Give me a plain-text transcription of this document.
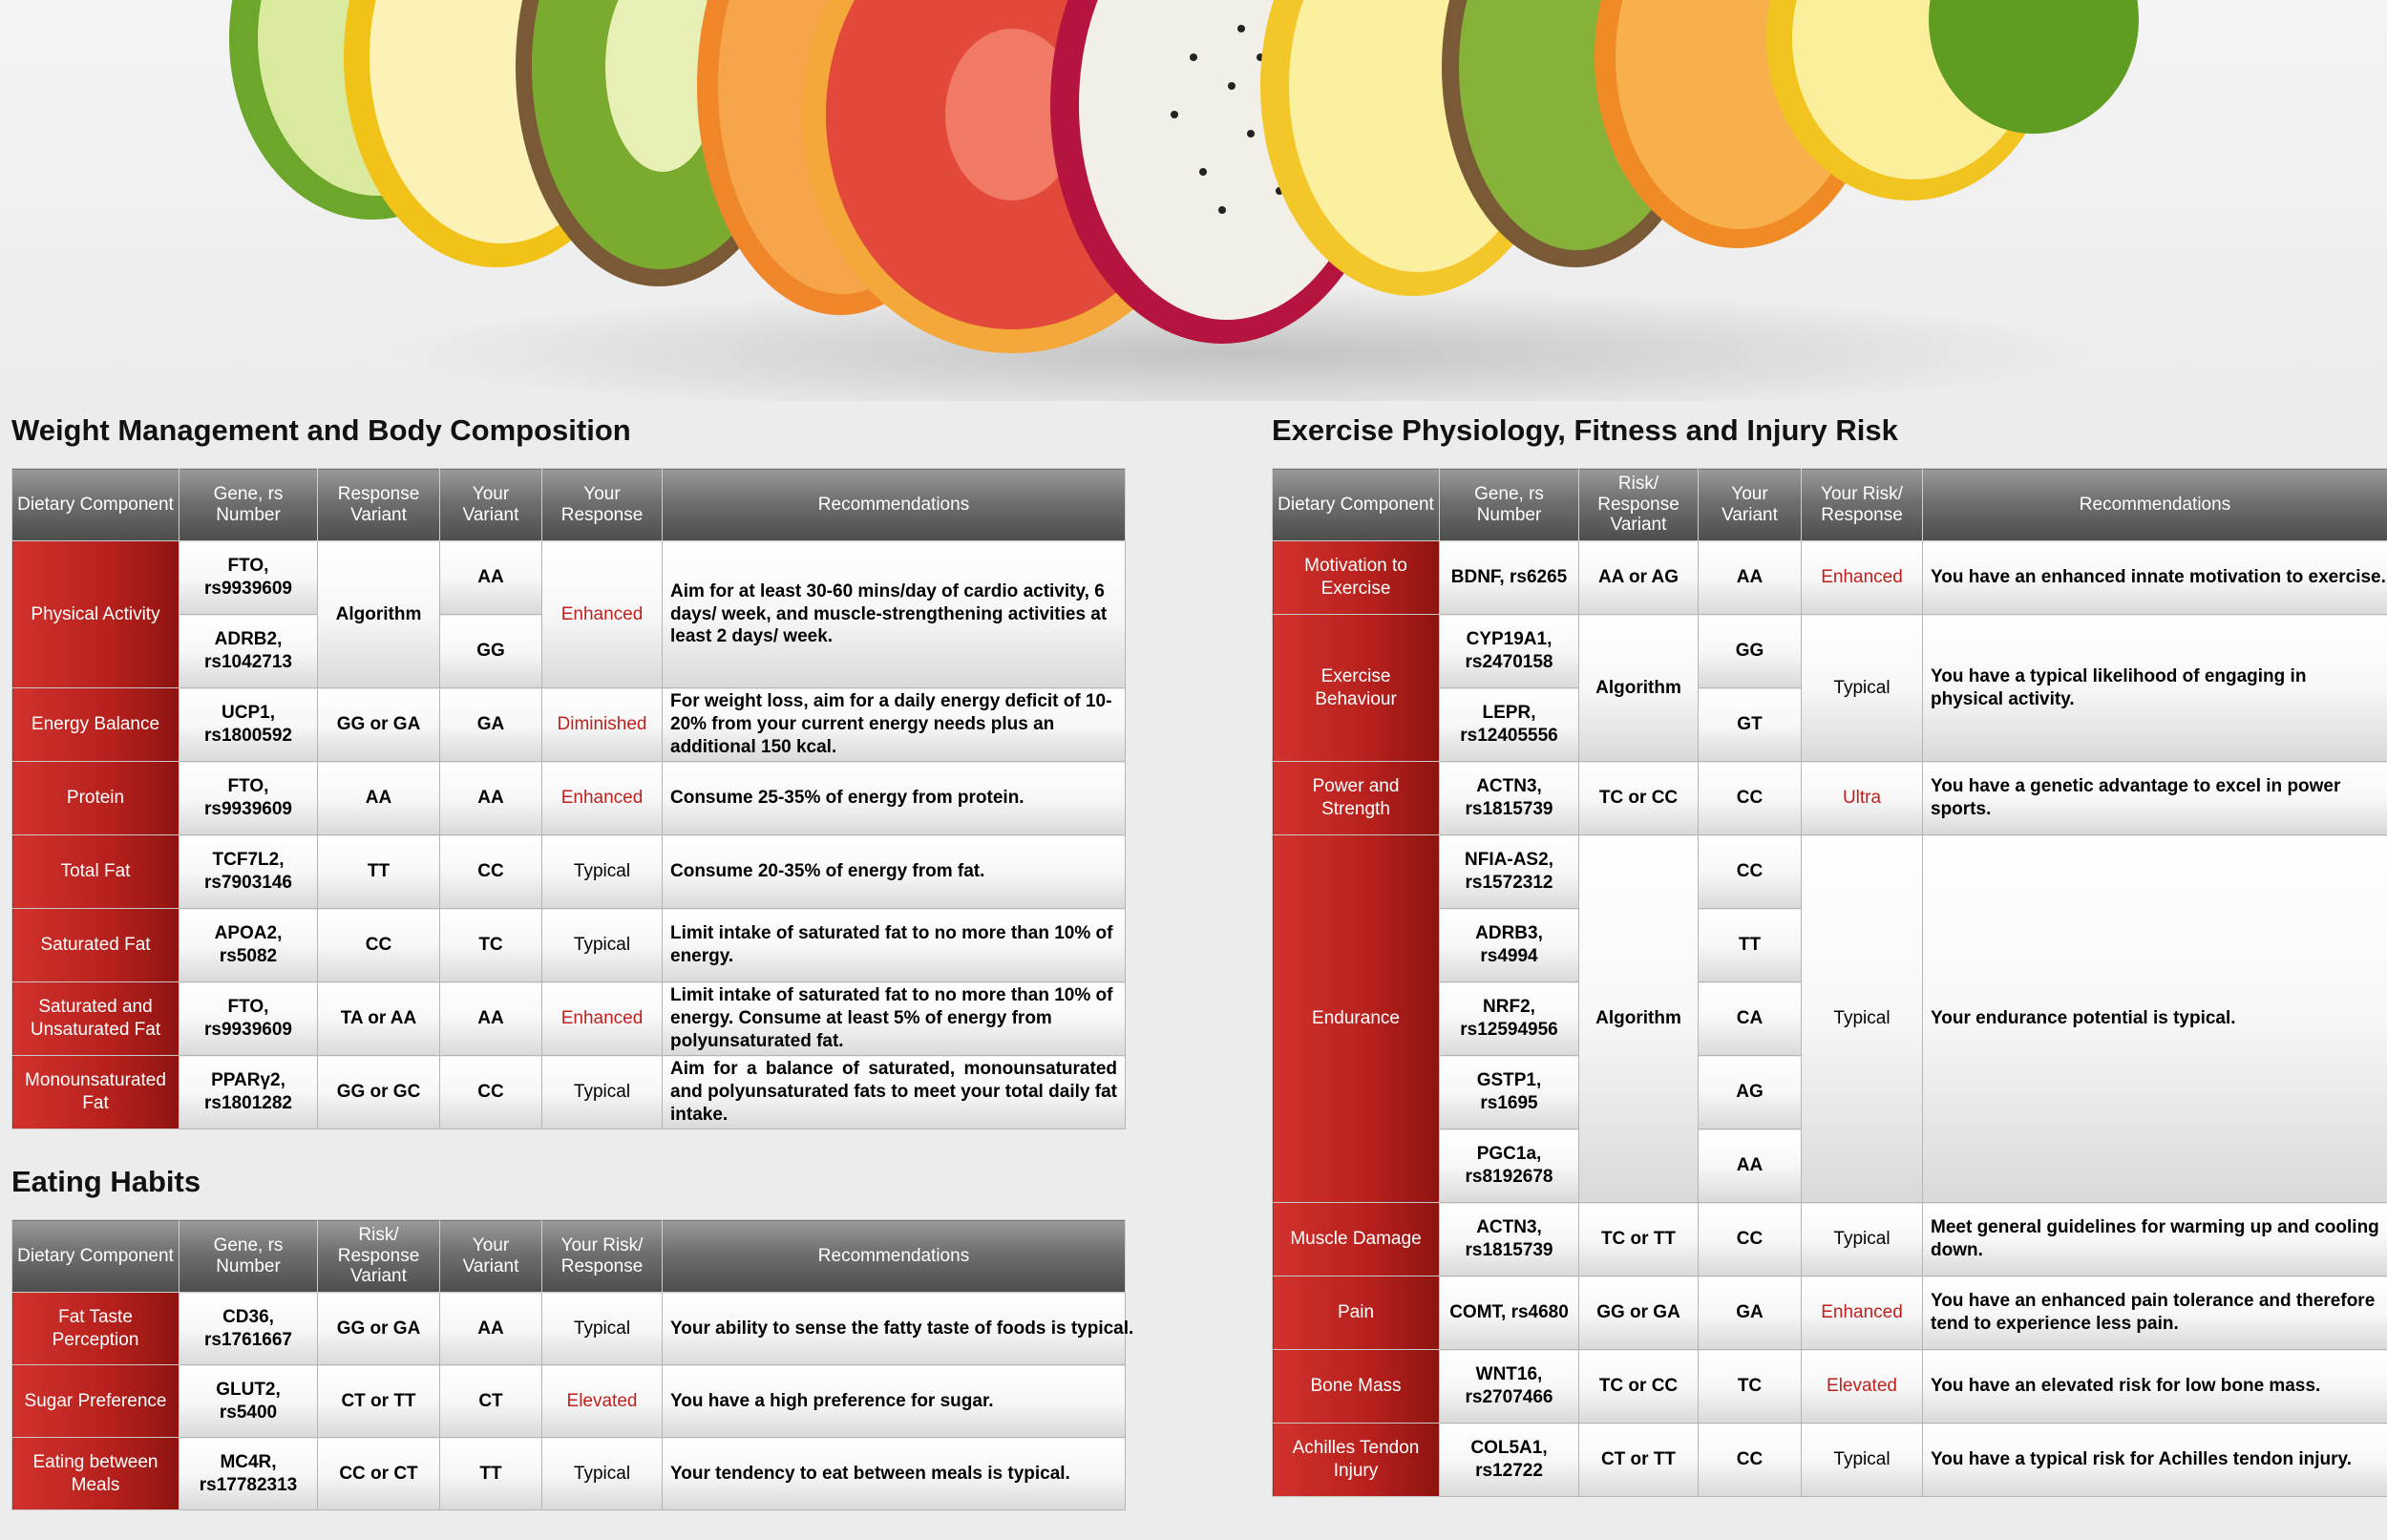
Weight Management and Body Composition
Dietary Component	Gene, rs Number	Response Variant	Your Variant	Your Response	Recommendations
Physical Activity	FTO, rs9939609	Algorithm	AA	Enhanced	Aim for at least 30-60 mins/day of cardio activity, 6 days/ week, and muscle-strengthening activities at least 2 days/ week.
	ADRB2, rs1042713		GG		
Energy Balance	UCP1, rs1800592	GG or GA	GA	Diminished	For weight loss, aim for a daily energy deficit of 10-20% from your current energy needs plus an additional 150 kcal.
Protein	FTO, rs9939609	AA	AA	Enhanced	Consume 25-35% of energy from protein.
Total Fat	TCF7L2, rs7903146	TT	CC	Typical	Consume 20-35% of energy from fat.
Saturated Fat	APOA2, rs5082	CC	TC	Typical	Limit intake of saturated fat to no more than 10% of energy.
Saturated and Unsaturated Fat	FTO, rs9939609	TA or AA	AA	Enhanced	Limit intake of saturated fat to no more than 10% of energy. Consume at least 5% of energy from polyunsaturated fat.
Monounsaturated Fat	PPARγ2, rs1801282	GG or GC	CC	Typical	Aim for a balance of saturated, monounsaturated and polyunsaturated fats to meet your total daily fat intake.
Eating Habits
Dietary Component	Gene, rs Number	Risk/ Response Variant	Your Variant	Your Risk/ Response	Recommendations
Fat Taste Perception	CD36, rs1761667	GG or GA	AA	Typical	Your ability to sense the fatty taste of foods is typical.
Sugar Preference	GLUT2, rs5400	CT or TT	CT	Elevated	You have a high preference for sugar.
Eating between Meals	MC4R, rs17782313	CC or CT	TT	Typical	Your tendency to eat between meals is typical.
Exercise Physiology, Fitness and Injury Risk
Dietary Component	Gene, rs Number	Risk/ Response Variant	Your Variant	Your Risk/ Response	Recommendations
Motivation to Exercise	BDNF, rs6265	AA or AG	AA	Enhanced	You have an enhanced innate motivation to exercise.
Exercise Behaviour	CYP19A1, rs2470158	Algorithm	GG	Typical	You have a typical likelihood of engaging in physical activity.
	LEPR, rs12405556		GT		
Power and Strength	ACTN3, rs1815739	TC or CC	CC	Ultra	You have a genetic advantage to excel in power sports.
Endurance	NFIA-AS2, rs1572312	Algorithm	CC	Typical	Your endurance potential is typical.
	ADRB3, rs4994		TT		
	NRF2, rs12594956		CA		
	GSTP1, rs1695		AG		
	PGC1a, rs8192678		AA		
Muscle Damage	ACTN3, rs1815739	TC or TT	CC	Typical	Meet general guidelines for warming up and cooling down.
Pain	COMT, rs4680	GG or GA	GA	Enhanced	You have an enhanced pain tolerance and therefore tend to experience less pain.
Bone Mass	WNT16, rs2707466	TC or CC	TC	Elevated	You have an elevated risk for low bone mass.
Achilles Tendon Injury	COL5A1, rs12722	CT or TT	CC	Typical	You have a typical risk for Achilles tendon injury.
